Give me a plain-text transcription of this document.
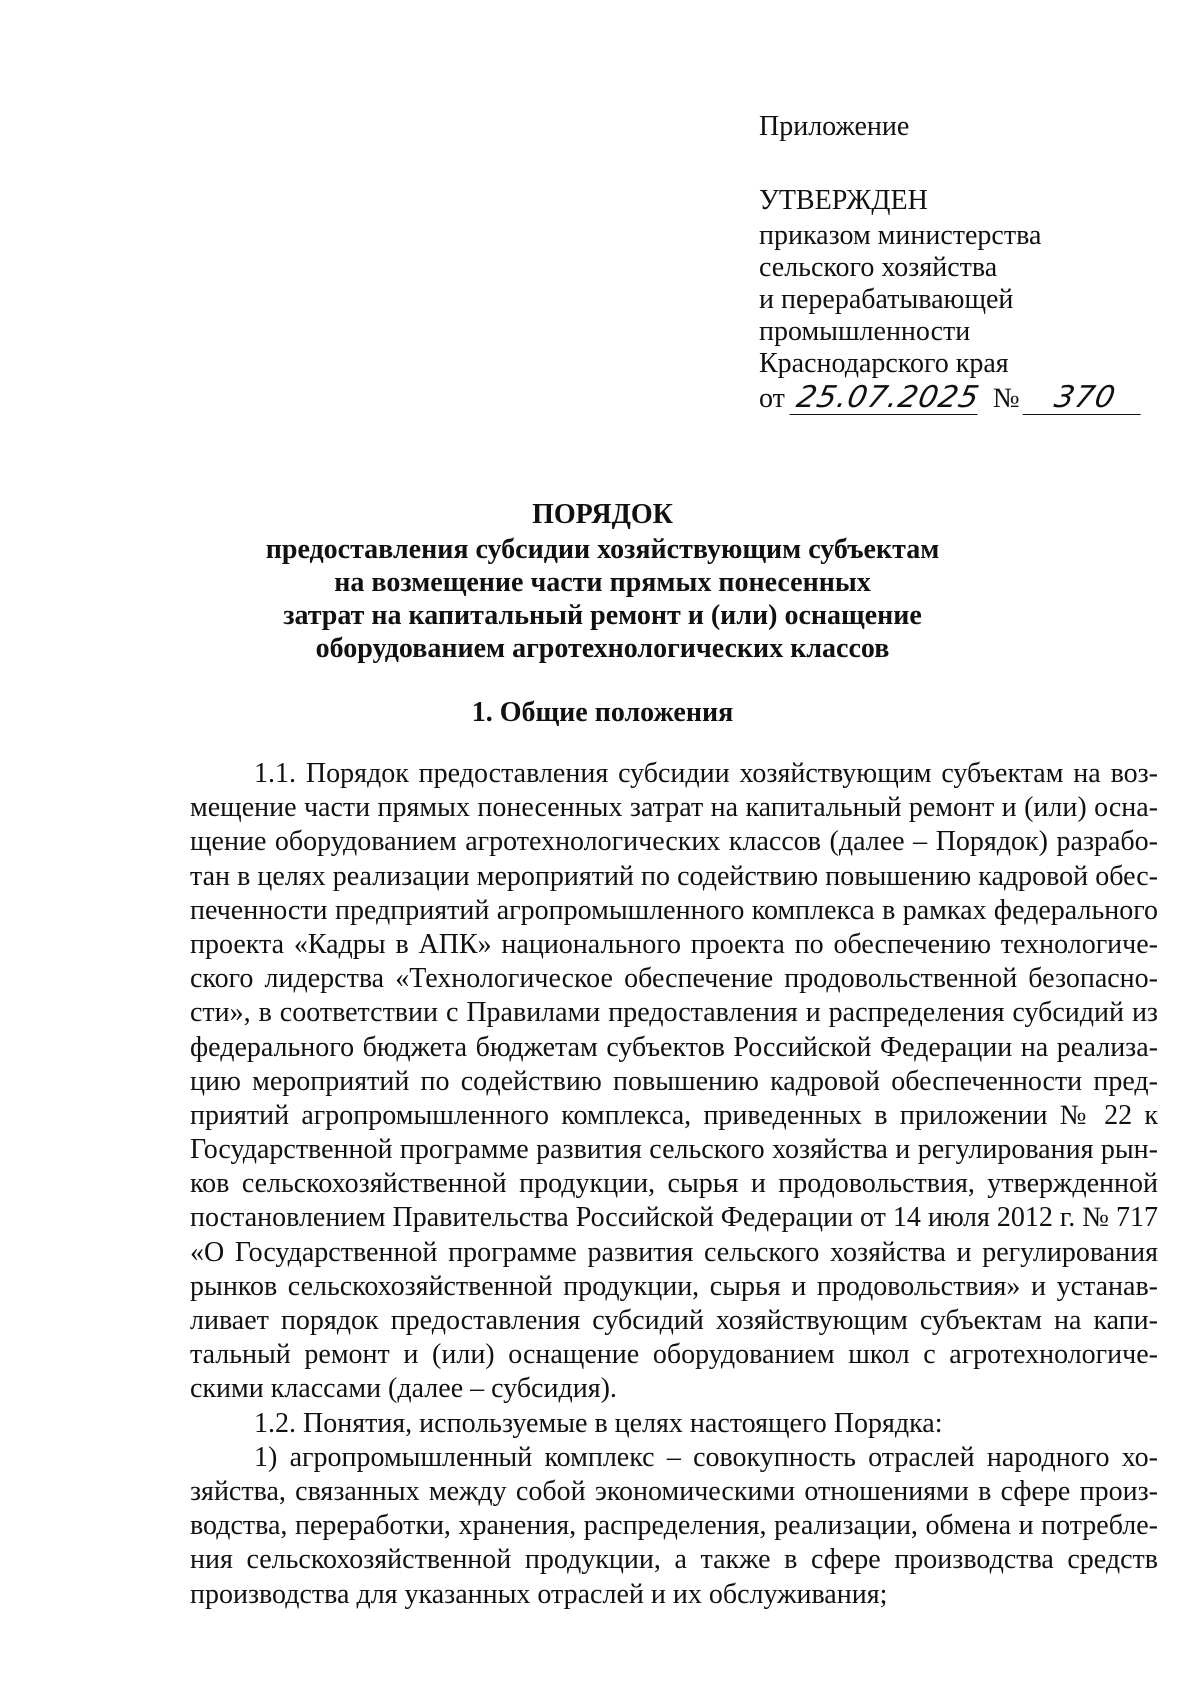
Приложение

УТВЕРЖДЕН

приказом министерства

сельского хозяйства

и перерабатывающей

промышленности

Краснодарского края

от 25.07.2025 №	370

ПОРЯДОК

предоставления субсидии хозяйствующим субъектам

на возмещение части прямых понесенных

затрат на капитальный ремонт и (или) оснащение

оборудованием агротехнологических классов

1. Общие положения

1.1. Порядок предоставления субсидии хозяйствующим субъектам на воз-
мещение части прямых понесенных затрат на капитальный ремонт и (или) осна-
щение оборудованием агротехнологических классов (далее – Порядок) разрабо-
тан в целях реализации мероприятий по содействию повышению кадровой обес-
печенности предприятий агропромышленного комплекса в рамках федерального
проекта «Кадры в АПК» национального проекта по обеспечению технологиче-
ского лидерства «Технологическое обеспечение продовольственной безопасно-
сти», в соответствии с Правилами предоставления и распределения субсидий из
федерального бюджета бюджетам субъектов Российской Федерации на реализа-
цию мероприятий по содействию повышению кадровой обеспеченности пред-
приятий агропромышленного комплекса, приведенных в приложении № 22 к
Государственной программе развития сельского хозяйства и регулирования рын-
ков сельскохозяйственной продукции, сырья и продовольствия, утвержденной
постановлением Правительства Российской Федерации от 14 июля 2012 г. № 717
«О Государственной программе развития сельского хозяйства и регулирования
рынков сельскохозяйственной продукции, сырья и продовольствия» и устанав-
ливает порядок предоставления субсидий хозяйствующим субъектам на капи-
тальный ремонт и (или) оснащение оборудованием школ с агротехнологиче-
скими классами (далее – субсидия).
1.2. Понятия, используемые в целях настоящего Порядка:
1) агропромышленный комплекс – совокупность отраслей народного хо-
зяйства, связанных между собой экономическими отношениями в сфере произ-
водства, переработки, хранения, распределения, реализации, обмена и потребле-
ния сельскохозяйственной продукции, а также в сфере производства средств
производства для указанных отраслей и их обслуживания;
